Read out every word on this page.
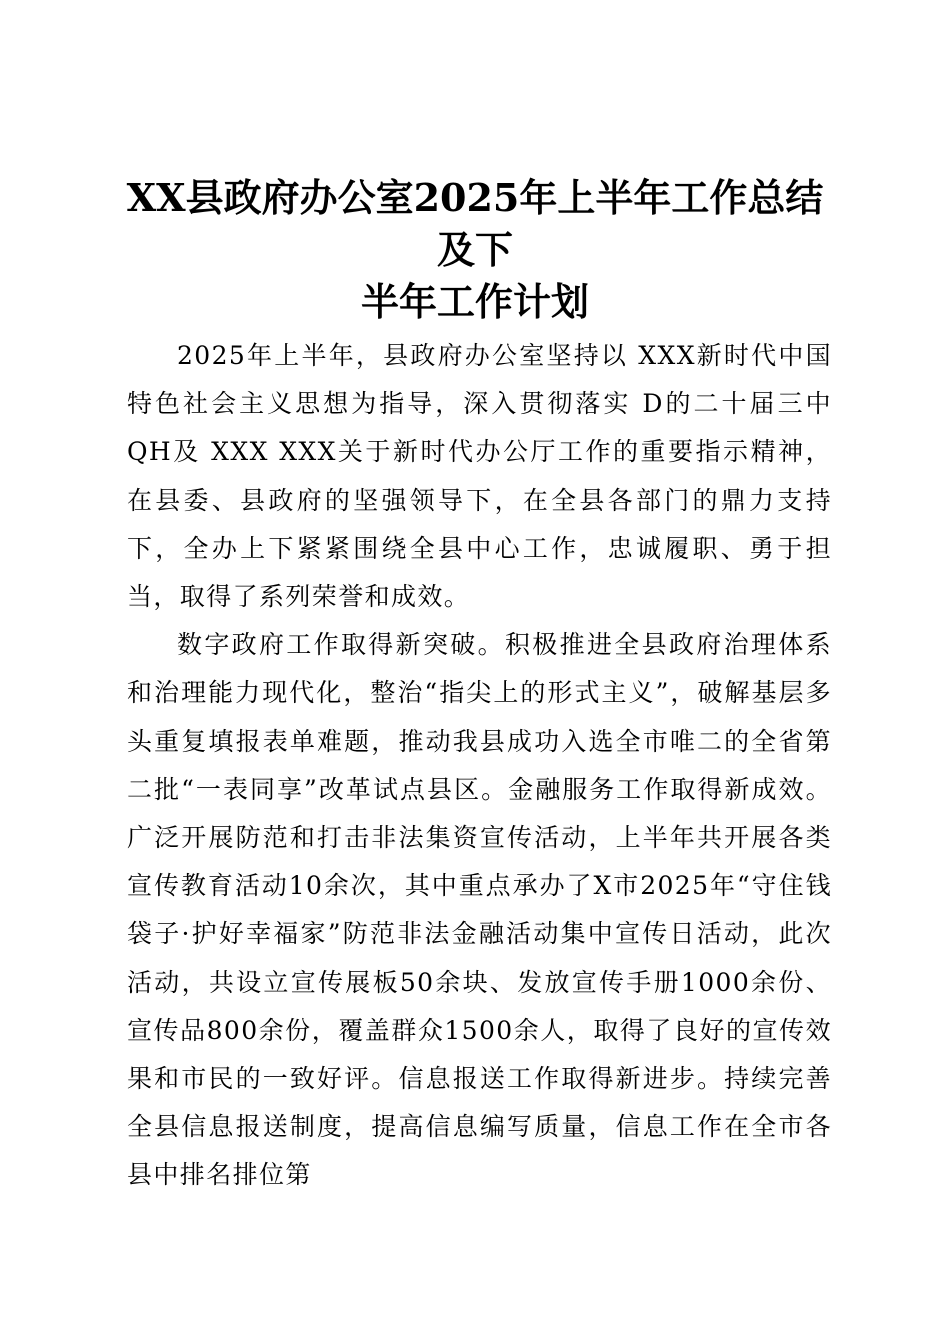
XX县政府办公室2025年上半年工作总结及下
半年工作计划

2025年上半年，县政府办公室坚持以 XXX新时代中国特色社会主义思想为指导，深入贯彻落实 D的二十届三中 QH及 XXX XXX关于新时代办公厅工作的重要指示精神，在县委、县政府的坚强领导下，在全县各部门的鼎力支持下，全办上下紧紧围绕全县中心工作，忠诚履职、勇于担当，取得了系列荣誉和成效。

数字政府工作取得新突破。积极推进全县政府治理体系和治理能力现代化，整治“指尖上的形式主义”，破解基层多头重复填报表单难题，推动我县成功入选全市唯二的全省第二批“一表同享”改革试点县区。金融服务工作取得新成效。广泛开展防范和打击非法集资宣传活动，上半年共开展各类宣传教育活动10余次，其中重点承办了X市2025年“守住钱袋子·护好幸福家”防范非法金融活动集中宣传日活动，此次活动，共设立宣传展板50余块、发放宣传手册1000余份、宣传品800余份，覆盖群众1500余人，取得了良好的宣传效果和市民的一致好评。信息报送工作取得新进步。持续完善全县信息报送制度，提高信息编写质量，信息工作在全市各县中排名排位第
